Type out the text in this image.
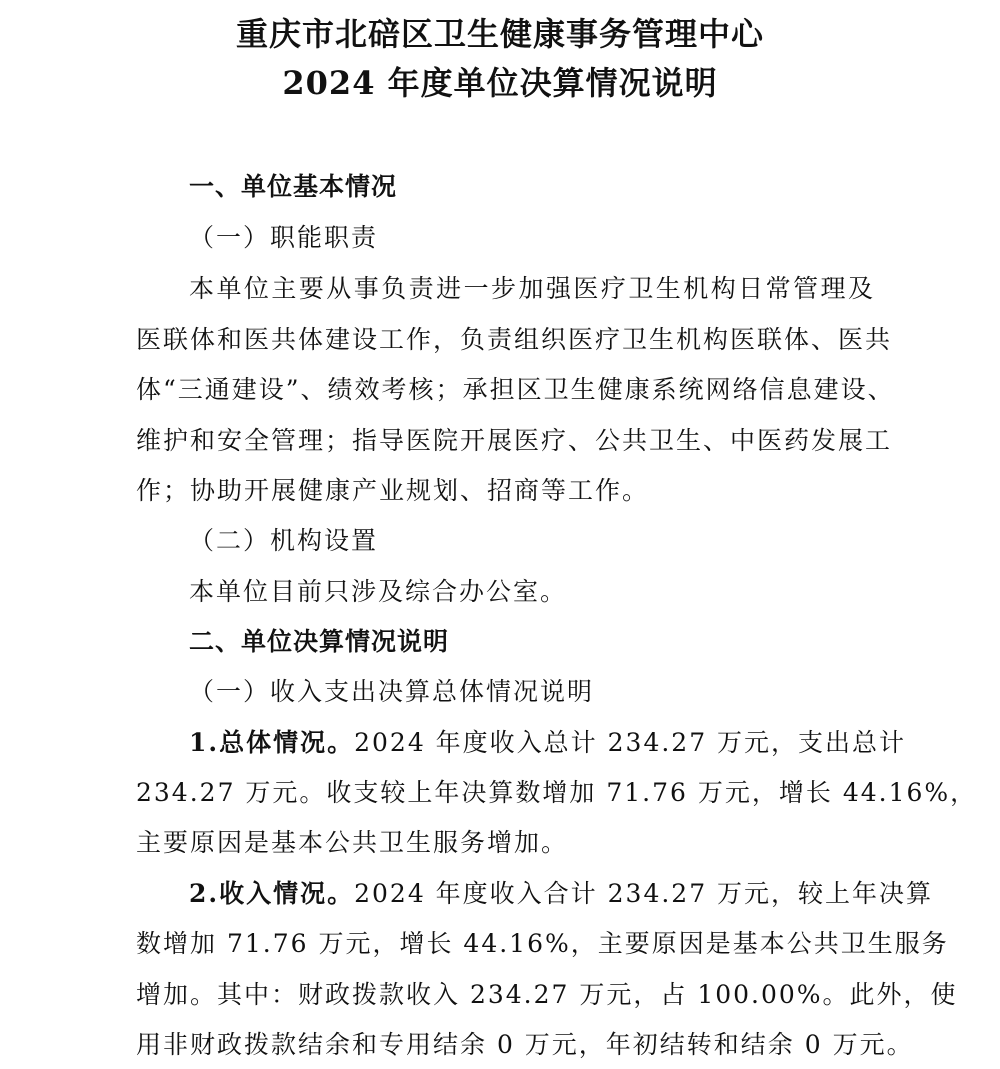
重庆市北碚区卫生健康事务管理中心
2024 年度单位决算情况说明
一、单位基本情况
（一）职能职责
本单位主要从事负责进一步加强医疗卫生机构日常管理及
医联体和医共体建设工作，负责组织医疗卫生机构医联体、医共
体“三通建设”、绩效考核；承担区卫生健康系统网络信息建设、
维护和安全管理；指导医院开展医疗、公共卫生、中医药发展工
作；协助开展健康产业规划、招商等工作。
（二）机构设置
本单位目前只涉及综合办公室。
二、单位决算情况说明
（一）收入支出决算总体情况说明
1.总体情况。2024 年度收入总计 234.27 万元，支出总计
234.27 万元。收支较上年决算数增加 71.76 万元，增长 44.16%，
主要原因是基本公共卫生服务增加。
2.收入情况。2024 年度收入合计 234.27 万元，较上年决算
数增加 71.76 万元，增长 44.16%，主要原因是基本公共卫生服务
增加。其中：财政拨款收入 234.27 万元，占 100.00%。此外，使
用非财政拨款结余和专用结余 0 万元，年初结转和结余 0 万元。
